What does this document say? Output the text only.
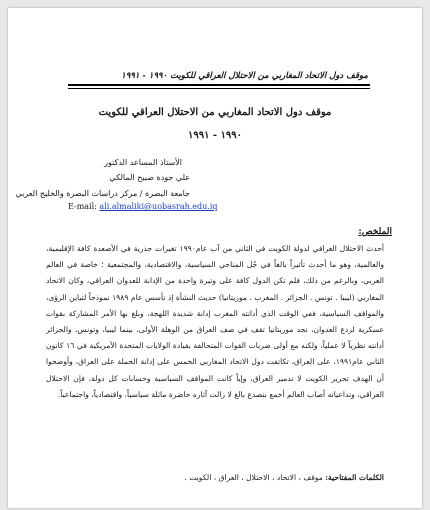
موقف دول الاتحاد المغاربي من الاحتلال العراقي للكويت ١٩٩٠ - ١٩٩١
موقف دول الاتحاد المغاربي من الاحتلال العراقي للكويت
١٩٩٠ - ١٩٩١
الأستاذ المساعد الدكتور
علي جودة صبيح المالكي
جامعة البصرة / مركز دراسات البصرة والخليج العربي
E-mail: ali.almaliki@uobasrah.edu.iq
الملخص:
أحدث الاحتلال العراقي لدولة الكويت في الثاني من آب عام١٩٩٠ تغيرات جذرية في الأصعدة كافة الإقليمية، والعالمية، وهو ما أحدث تأثيراً بالغاً في جُل المناحي السياسية، والاقتصادية، والمجتمعية ؛ خاصة في العالم العربي، وبالرغم من ذلك، فلم تكن الدول كافة على وتيرة واحدة من الإدانة للعدوان العراقي، وكان الاتحاد المغاربي (ليبيا . تونس . الجزائر . المغرب . موريتانيا) حديث النشأة إذ تأسس عام ١٩٨٩ نموذجاً لتباين الرؤى، والمواقف السياسية، ففي الوقت الذي أدانته المغرب إدانة شديدة اللهجة، وبلغ بها الأمر المشاركة بقوات عسكرية لردع العدوان، نجد موريتانيا تقف في صف العراق من الوهلة الأولى، بينما ليبيا، وتونس، والجزائر أدانته نظرياً لا عملياً، ولكنه مع أولى ضربات القوات المتحالفة بقيادة الولايات المتحدة الأمريكية في ١٦ كانون الثاني عام١٩٩١، على العراق، تكاتفت دول الاتحاد المغاربي الخمس على إدانة الحملة على العراق، وأوضحوا أن الهدف تحرير الكويت لا تدمير العراق، وإياً كانت المواقف السياسية وحسابات كل دولة، فإن الاحتلال العراقي، وتداعياته أصاب العالم أجمع بتصدع بالغ لا زالت آثاره حاضرة ماثلة سياسياً، واقتصادياً، واجتماعياً.
الكلمات المفتاحية: موقف ، الاتحاد ، الاحتلال ، العراق ، الكويت .
